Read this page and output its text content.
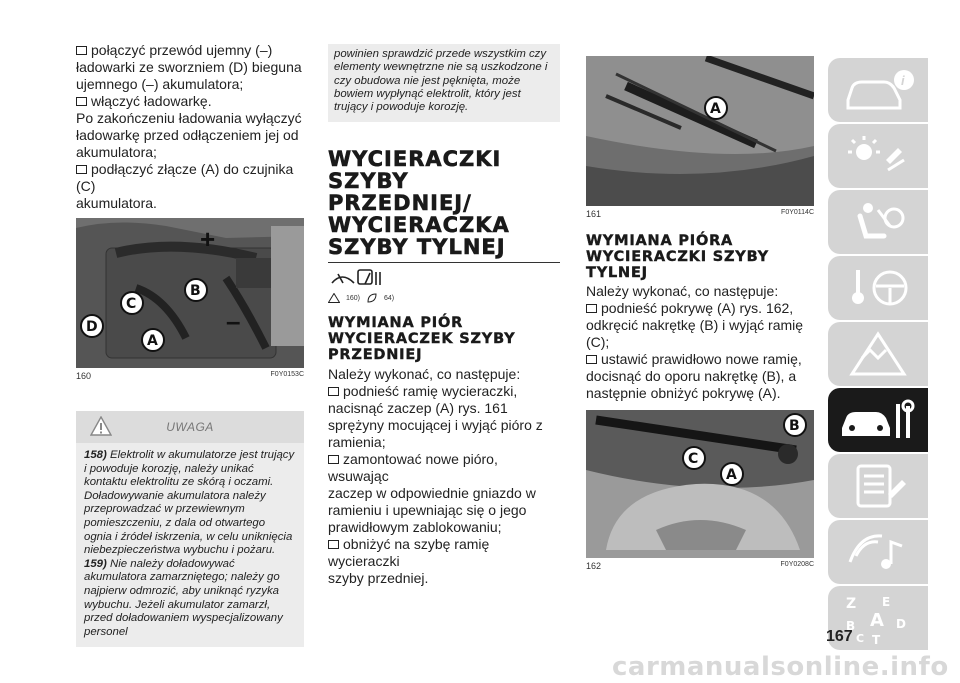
połączyć przewód ujemny (–)
ładowarki ze sworzniem (D) bieguna ujemnego (–) akumulatora;
włączyć ładowarkę.
Po zakończeniu ładowania wyłączyć ładowarkę przed odłączeniem jej od akumulatora;
podłączyć złącze (A) do czujnika (C)
akumulatora.
+
–
B
C
D
A
160	F0Y0153C
UWAGA
158) Elektrolit w akumulatorze jest trujący i powoduje korozję, należy unikać kontaktu elektrolitu ze skórą i oczami. Doładowywanie akumulatora należy przeprowadzać w przewiewnym pomieszczeniu, z dala od otwartego ognia i źródeł iskrzenia, w celu uniknięcia niebezpieczeństwa wybuchu i pożaru.
159) Nie należy doładowywać akumulatora zamarzniętego; należy go najpierw odmrozić, aby uniknąć ryzyka wybuchu. Jeżeli akumulator zamarzł, przed doładowaniem wyspecjalizowany personel
powinien sprawdzić przede wszystkim czy elementy wewnętrzne nie są uszkodzone i czy obudowa nie jest pęknięta, może bowiem wypłynąć elektrolit, który jest trujący i powoduje korozję.
WYCIERACZKI
SZYBY
PRZEDNIEJ/
WYCIERACZKA
SZYBY TYLNEJ
160)	64)
WYMIANA PIÓR
WYCIERACZEK SZYBY
PRZEDNIEJ
Należy wykonać, co następuje:
podnieść ramię wycieraczki,
nacisnąć zaczep (A) rys. 161 sprężyny mocującej i wyjąć pióro z ramienia;
zamontować nowe pióro, wsuwając
zaczep w odpowiednie gniazdo w ramieniu i upewniając się o jego prawidłowym zablokowaniu;
obniżyć na szybę ramię wycieraczki
szyby przedniej.
A
161	F0Y0114C
WYMIANA PIÓRA
WYCIERACZKI SZYBY
TYLNEJ
Należy wykonać, co następuje:
podnieść pokrywę (A) rys. 162,
odkręcić nakrętkę (B) i wyjąć ramię (C);
ustawić prawidłowo nowe ramię,
docisnąć do oporu nakrętkę (B), a następnie obniżyć pokrywę (A).
B
C
A
162	F0Y0208C
i
Z E
A
B	D
C T
167
carmanualsonline.info
